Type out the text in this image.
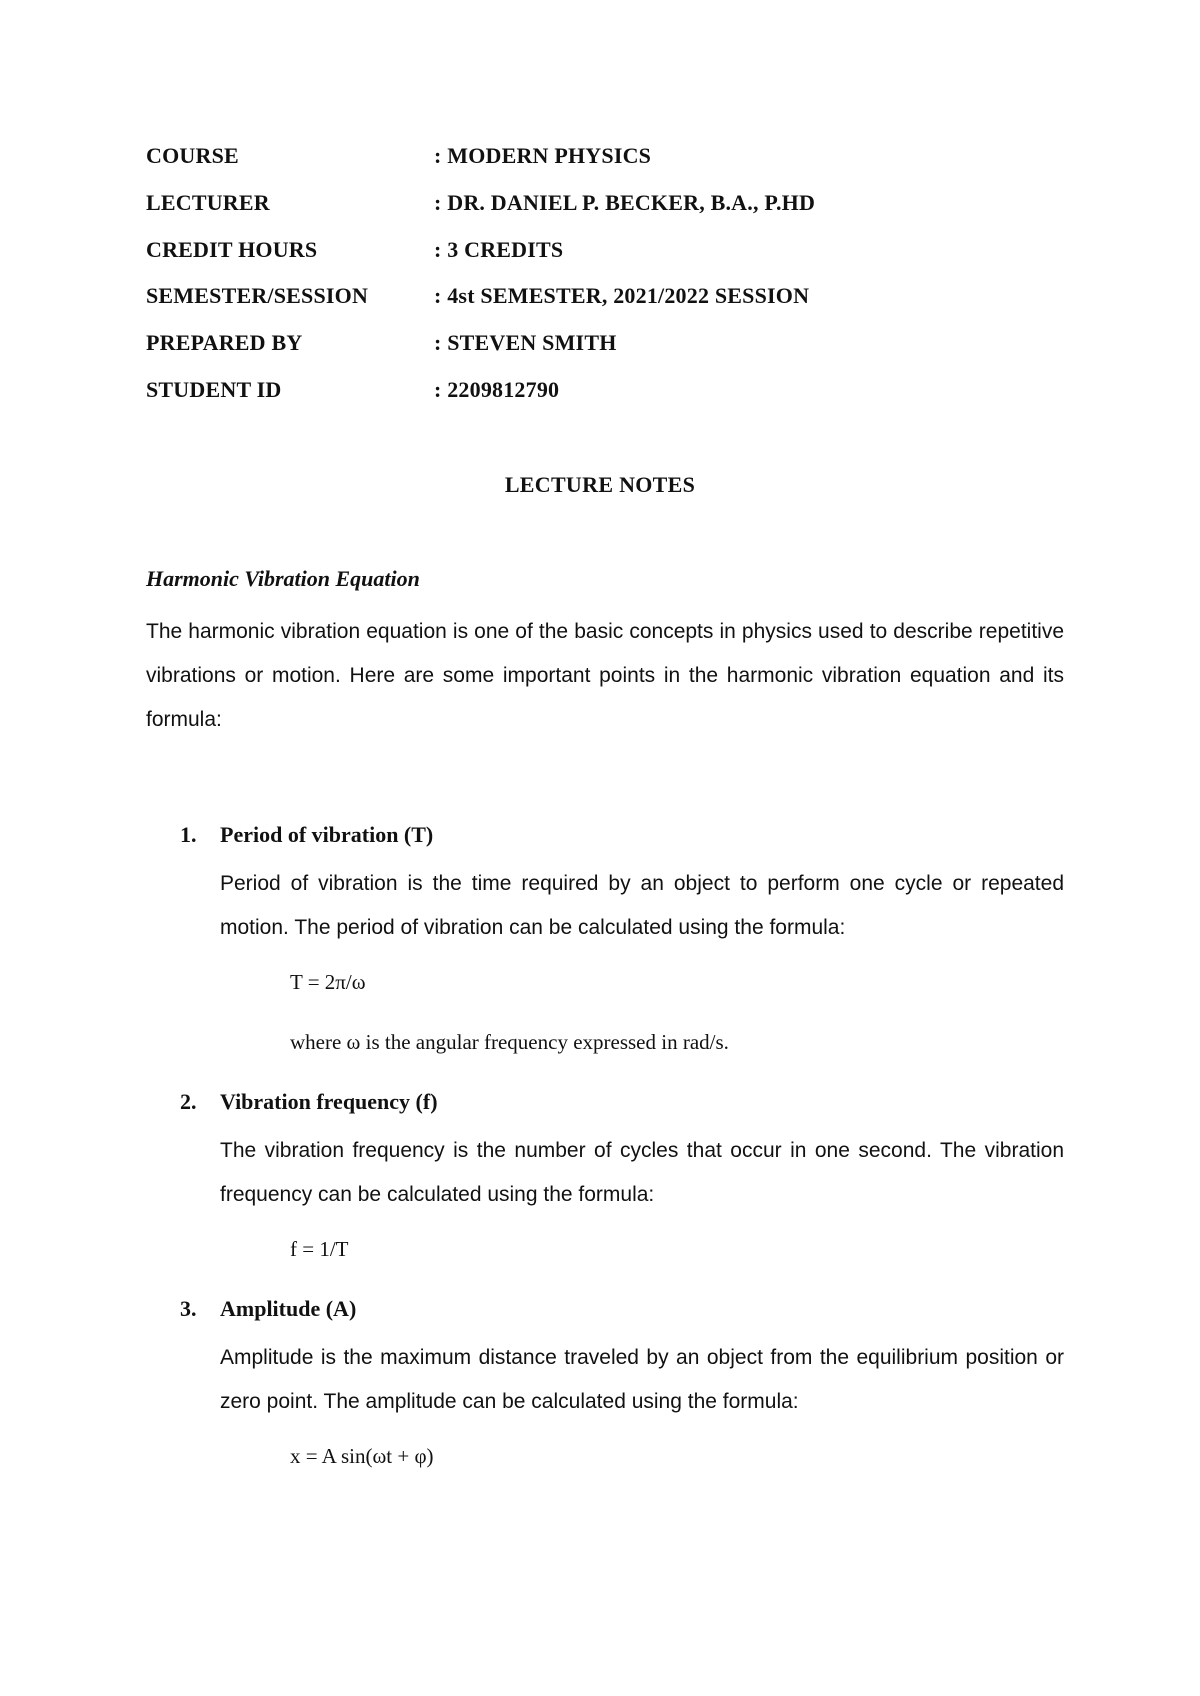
COURSE	: MODERN PHYSICS
LECTURER	: DR. DANIEL P. BECKER, B.A., P.HD
CREDIT HOURS	: 3 CREDITS
SEMESTER/SESSION	: 4st SEMESTER, 2021/2022 SESSION
PREPARED BY	: STEVEN SMITH
STUDENT ID	: 2209812790
LECTURE NOTES
Harmonic Vibration Equation
The harmonic vibration equation is one of the basic concepts in physics used to describe repetitive vibrations or motion. Here are some important points in the harmonic vibration equation and its formula:
1.	Period of vibration (T)
Period of vibration is the time required by an object to perform one cycle or repeated motion. The period of vibration can be calculated using the formula:
T = 2π/ω
where ω is the angular frequency expressed in rad/s.
2.	Vibration frequency (f)
The vibration frequency is the number of cycles that occur in one second. The vibration frequency can be calculated using the formula:
f = 1/T
3.	Amplitude (A)
Amplitude is the maximum distance traveled by an object from the equilibrium position or zero point. The amplitude can be calculated using the formula:
x = A sin(ωt + φ)
